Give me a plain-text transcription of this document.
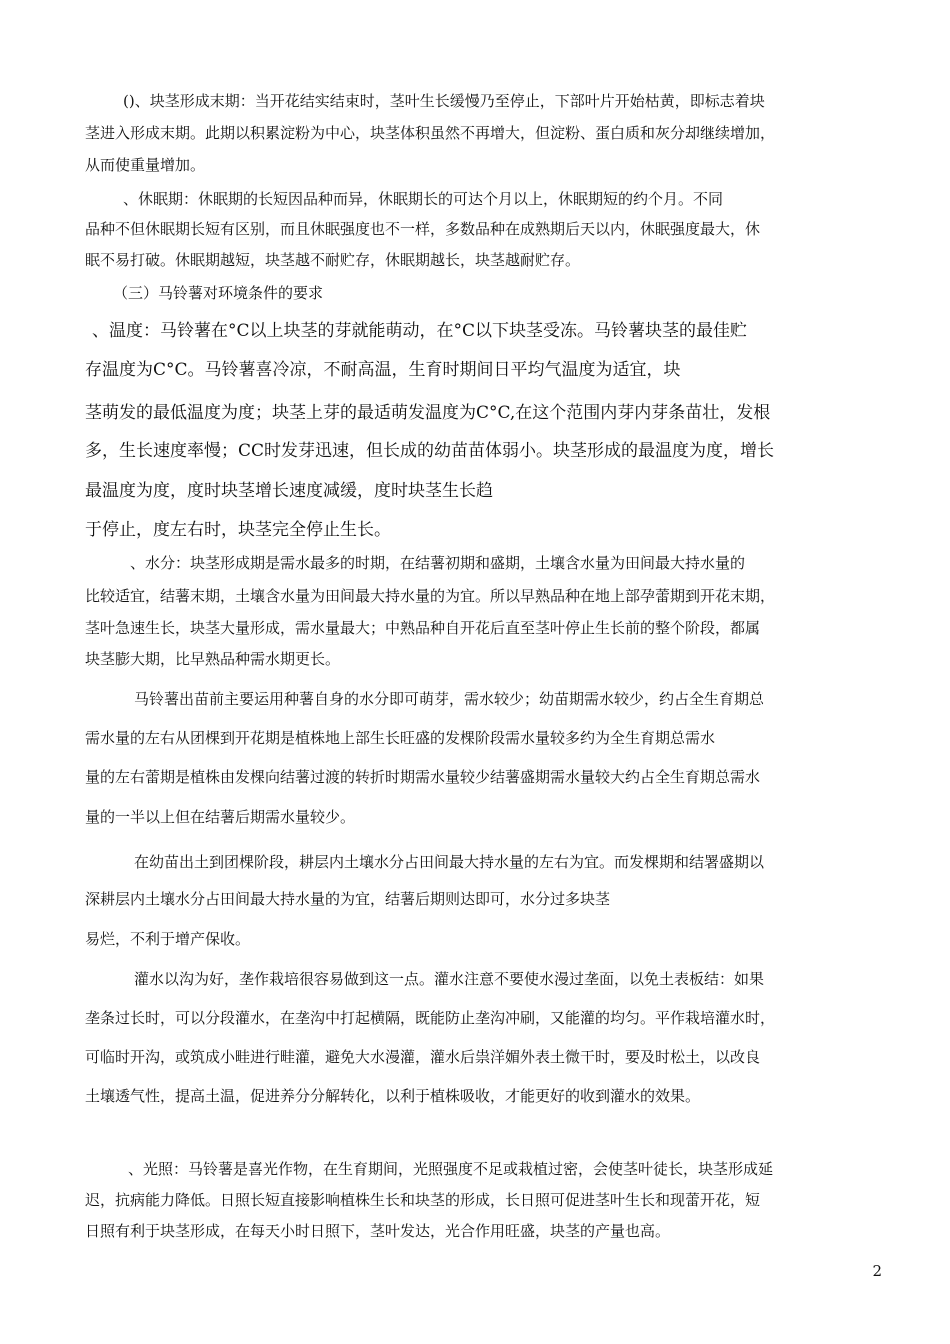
()、块茎形成末期：当开花结实结束时，茎叶生长缓慢乃至停止，下部叶片开始枯黄，即标志着块

茎进入形成末期。此期以积累淀粉为中心，块茎体积虽然不再增大，但淀粉、蛋白质和灰分却继续增加，

从而使重量增加。

、休眠期：休眠期的长短因品种而异，休眠期长的可达个月以上，休眠期短的约个月。不同

品种不但休眠期长短有区别，而且休眠强度也不一样，多数品种在成熟期后天以内，休眠强度最大，休

眠不易打破。休眠期越短，块茎越不耐贮存，休眠期越长，块茎越耐贮存。

（三）马铃薯对环境条件的要求

、温度：马铃薯在°C以上块茎的芽就能萌动，在°C以下块茎受冻。马铃薯块茎的最佳贮

存温度为C°C。马铃薯喜冷凉，不耐高温，生育时期间日平均气温度为适宜，块

茎萌发的最低温度为度；块茎上芽的最适萌发温度为C°C,在这个范围内芽内芽条苗壮，发根

多，生长速度率慢；CC时发芽迅速，但长成的幼苗苗体弱小。块茎形成的最温度为度，增长

最温度为度，度时块茎增长速度减缓，度时块茎生长趋

于停止，度左右时，块茎完全停止生长。

、水分：块茎形成期是需水最多的时期，在结薯初期和盛期，土壤含水量为田间最大持水量的

比较适宜，结薯末期，土壤含水量为田间最大持水量的为宜。所以早熟品种在地上部孕蕾期到开花末期，

茎叶急速生长，块茎大量形成，需水量最大；中熟品种自开花后直至茎叶停止生长前的整个阶段，都属

块茎膨大期，比早熟品种需水期更长。

马铃薯出苗前主要运用种薯自身的水分即可萌芽，需水较少；幼苗期需水较少，约占全生育期总

需水量的左右从团棵到开花期是植株地上部生长旺盛的发棵阶段需水量较多约为全生育期总需水

量的左右蕾期是植株由发棵向结薯过渡的转折时期需水量较少结薯盛期需水量较大约占全生育期总需水

量的一半以上但在结薯后期需水量较少。

在幼苗出土到团棵阶段，耕层内土壤水分占田间最大持水量的左右为宜。而发棵期和结署盛期以

深耕层内土壤水分占田间最大持水量的为宜，结薯后期则达即可，水分过多块茎

易烂，不利于增产保收。

灌水以沟为好，垄作栽培很容易做到这一点。灌水注意不要使水漫过垄面，以免土表板结：如果

垄条过长时，可以分段灌水，在垄沟中打起横隔，既能防止垄沟冲刷，又能灌的均匀。平作栽培灌水时，

可临时开沟，或筑成小畦进行畦灌，避免大水漫灌，灌水后祟洋媚外表土微干时，要及时松土，以改良

土壤透气性，提高土温，促进养分分解转化，以利于植株吸收，才能更好的收到灌水的效果。

、光照：马铃薯是喜光作物，在生育期间，光照强度不足或栽植过密，会使茎叶徒长，块茎形成延

迟，抗病能力降低。日照长短直接影响植株生长和块茎的形成，长日照可促进茎叶生长和现蕾开花，短

日照有利于块茎形成，在每天小时日照下，茎叶发达，光合作用旺盛，块茎的产量也高。

2
